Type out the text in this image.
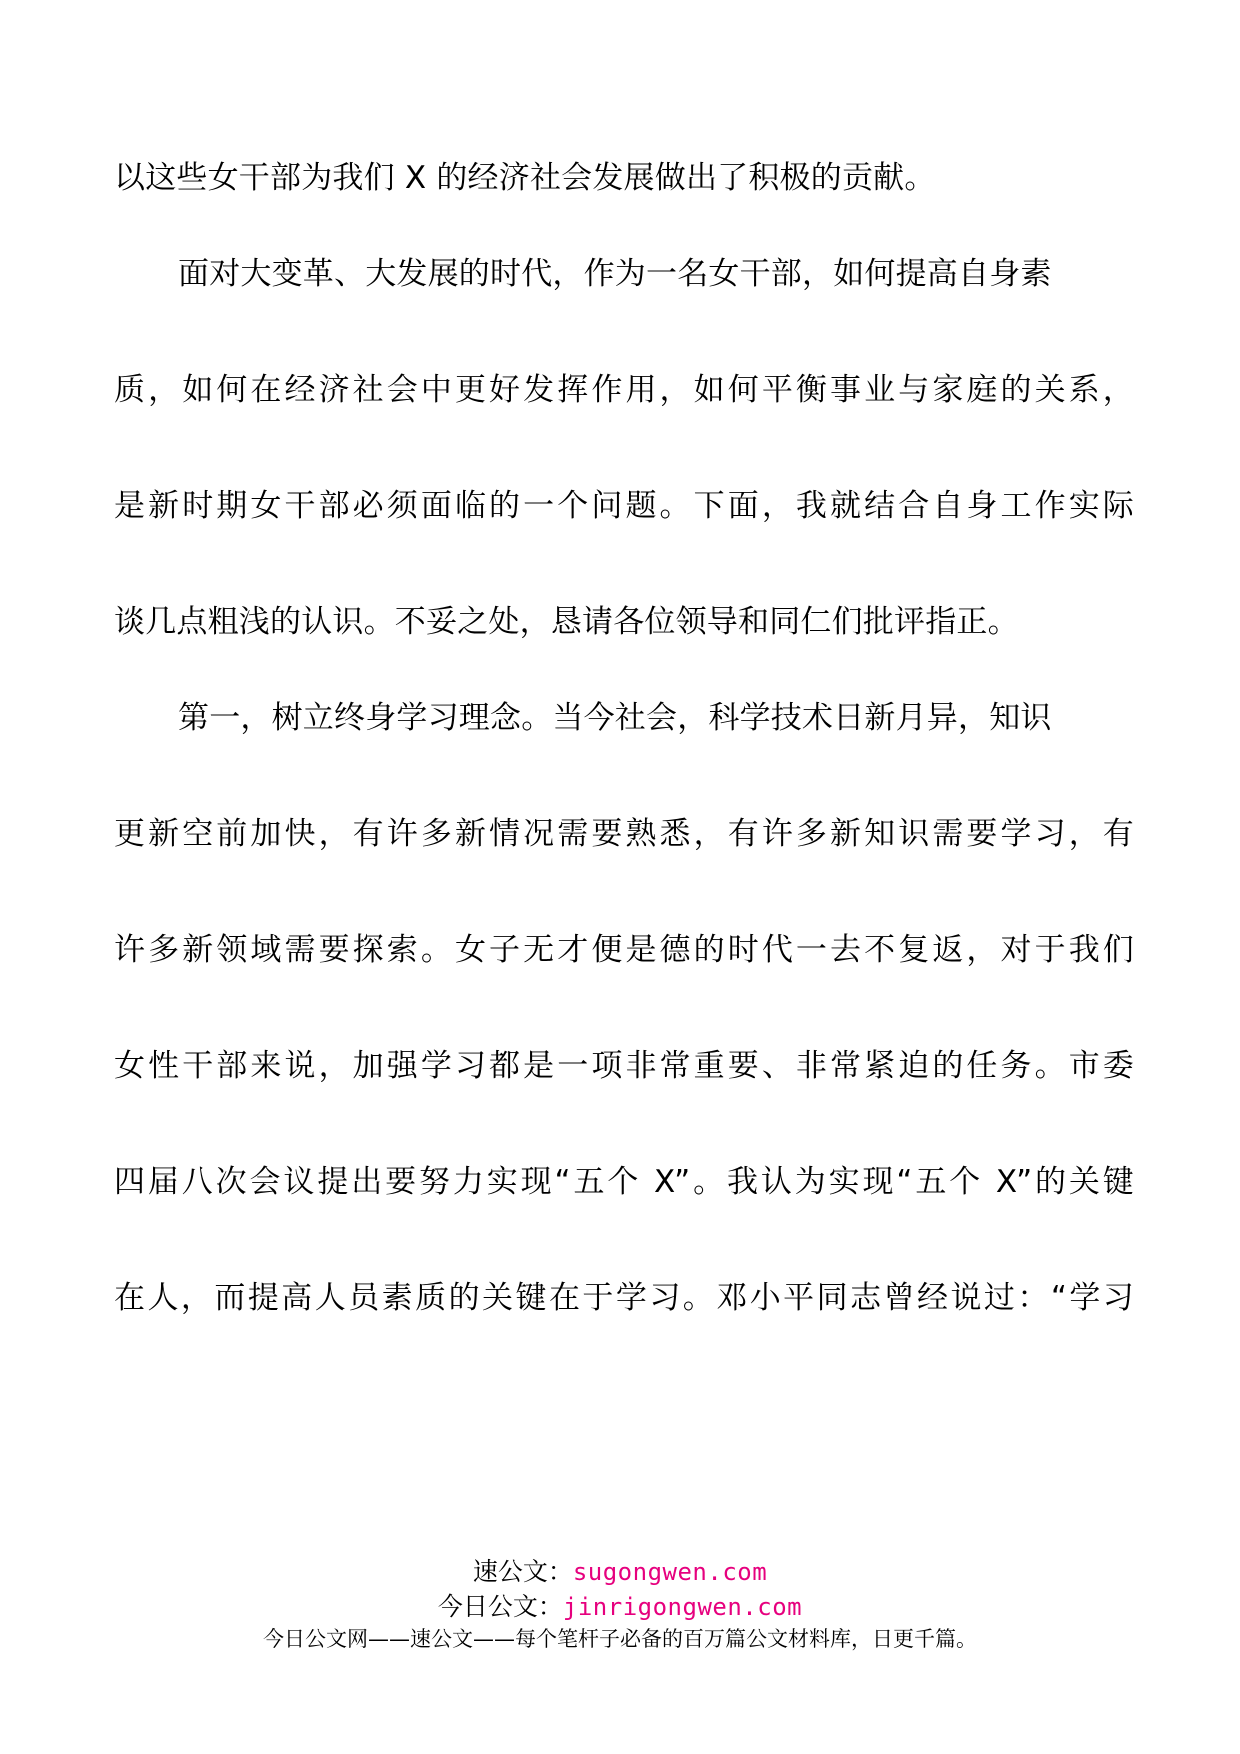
以这些女干部为我们 X 的经济社会发展做出了积极的贡献。
面对大变革、大发展的时代，作为一名女干部，如何提高自身素
质，如何在经济社会中更好发挥作用，如何平衡事业与家庭的关系，
是新时期女干部必须面临的一个问题。下面，我就结合自身工作实际
谈几点粗浅的认识。不妥之处，恳请各位领导和同仁们批评指正。
第一，树立终身学习理念。当今社会，科学技术日新月异，知识
更新空前加快，有许多新情况需要熟悉，有许多新知识需要学习，有
许多新领域需要探索。女子无才便是德的时代一去不复返，对于我们
女性干部来说，加强学习都是一项非常重要、非常紧迫的任务。市委
四届八次会议提出要努力实现“五个 X”。我认为实现“五个 X”的关键
在人，而提高人员素质的关键在于学习。邓小平同志曾经说过：“学习
速公文：sugongwen.com
今日公文：jinrigongwen.com
今日公文网——速公文——每个笔杆子必备的百万篇公文材料库，日更千篇。
